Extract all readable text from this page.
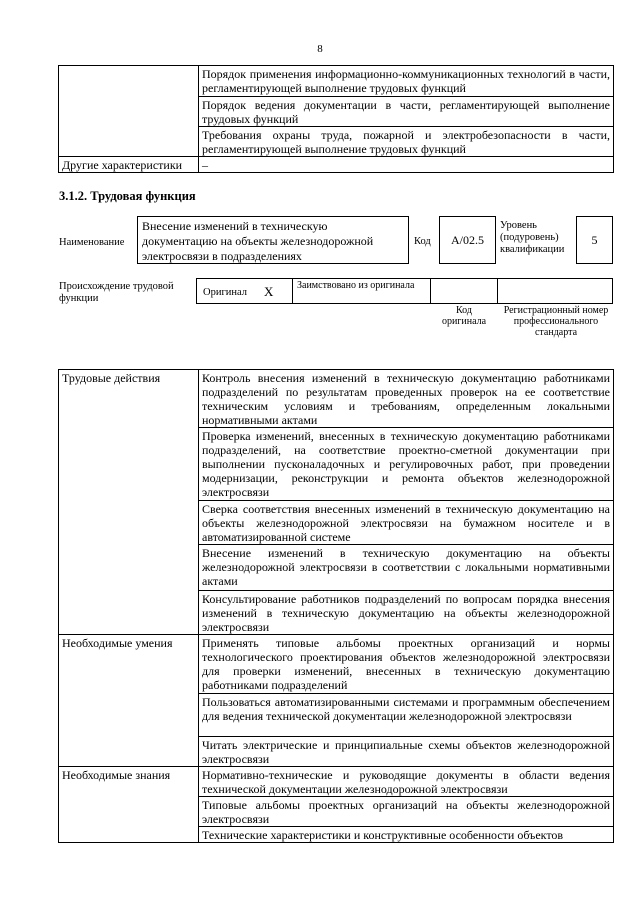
8
	Порядок применения информационно-коммуникационных технологий в части, регламентирующей выполнение трудовых функций
	Порядок ведения документации в части, регламентирующей выполнение трудовых функций
	Требования охраны труда, пожарной и электробезопасности в части, регламентирующей выполнение трудовых функций
Другие характеристики	–
3.1.2. Трудовая функция
Наименование
Внесение изменений в техническую документацию на объекты железнодорожной электросвязи в подразделениях
Код	A/02.5
Уровень (подуровень) квалификации
5
Происхождение трудовой функции
Оригинал X Заимствовано из оригинала
Код оригинала
Регистрационный номер профессионального стандарта
Трудовые действия	Контроль внесения изменений в техническую документацию работниками подразделений по результатам проведенных проверок на ее соответствие техническим условиям и требованиям, определенным локальными нормативными актами
	Проверка изменений, внесенных в техническую документацию работниками подразделений, на соответствие проектно-сметной документации при выполнении пусконаладочных и регулировочных работ, при проведении модернизации, реконструкции и ремонта объектов железнодорожной электросвязи
	Сверка соответствия внесенных изменений в техническую документацию на объекты железнодорожной электросвязи на бумажном носителе и в автоматизированной системе
	Внесение изменений в техническую документацию на объекты железнодорожной электросвязи в соответствии с локальными нормативными актами
	Консультирование работников подразделений по вопросам порядка внесения изменений в техническую документацию на объекты железнодорожной электросвязи
Необходимые умения	Применять типовые альбомы проектных организаций и нормы технологического проектирования объектов железнодорожной электросвязи для проверки изменений, внесенных в техническую документацию работниками подразделений
	Пользоваться автоматизированными системами и программным обеспечением для ведения технической документации железнодорожной электросвязи
	Читать электрические и принципиальные схемы объектов железнодорожной электросвязи
Необходимые знания	Нормативно-технические и руководящие документы в области ведения технической документации железнодорожной электросвязи
	Типовые альбомы проектных организаций на объекты железнодорожной электросвязи
	Технические характеристики и конструктивные особенности объектов
